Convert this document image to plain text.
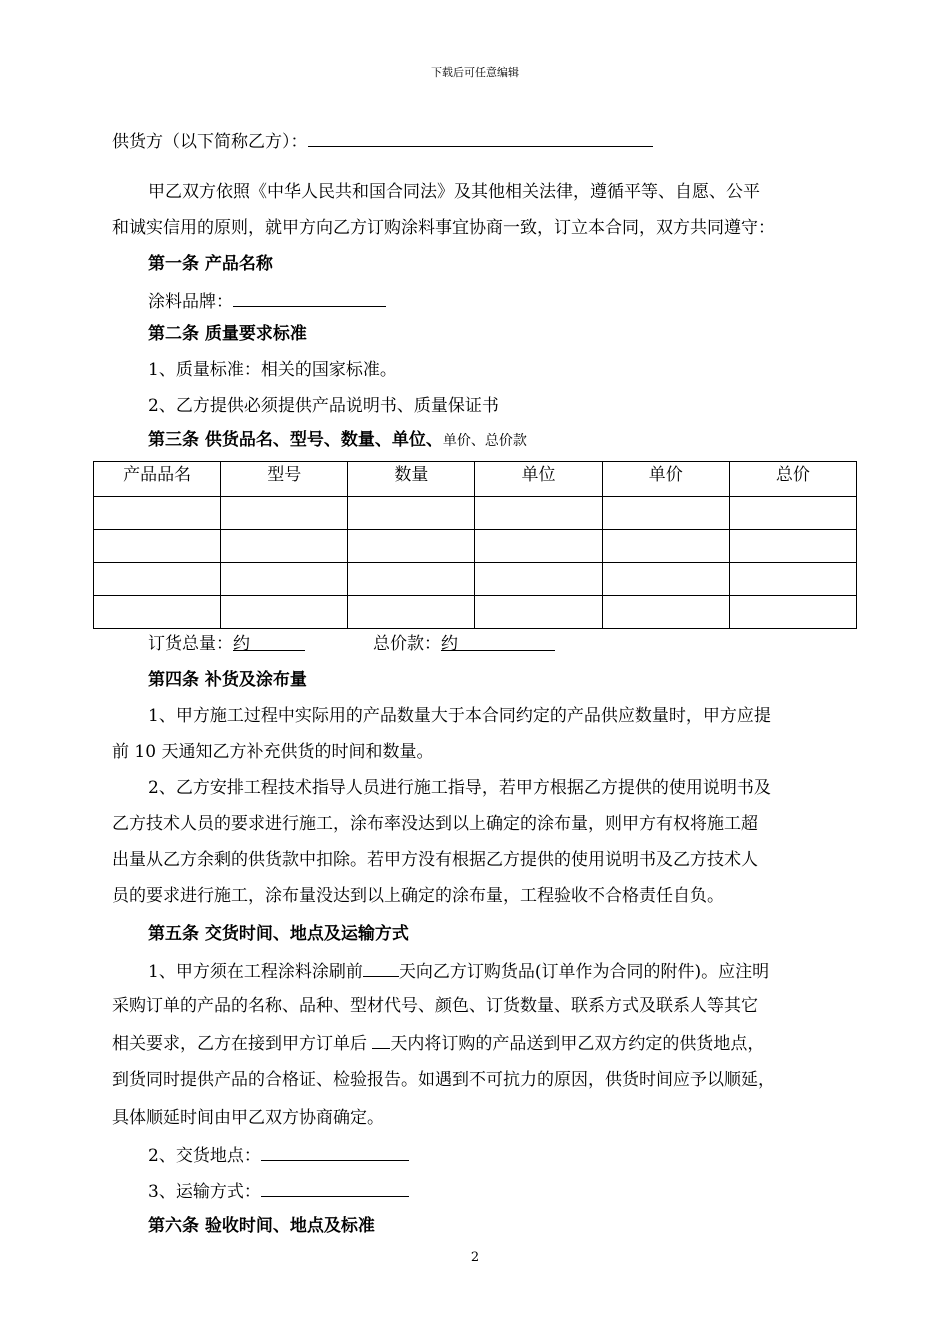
下载后可任意编辑
供货方（以下简称乙方）：
甲乙双方依照《中华人民共和国合同法》及其他相关法律，遵循平等、自愿、公平
和诚实信用的原则，就甲方向乙方订购涂料事宜协商一致，订立本合同，双方共同遵守：
第一条 产品名称
涂料品牌：
第二条 质量要求标准
1、质量标准：相关的国家标准。
2、乙方提供必须提供产品说明书、质量保证书
第三条 供货品名、型号、数量、单位、单价、总价款
产品品名	型号	数量	单位	单价	总价

订货总量：约	总价款：约
第四条 补货及涂布量
1、甲方施工过程中实际用的产品数量大于本合同约定的产品供应数量时，甲方应提
前 10 天通知乙方补充供货的时间和数量。
2、乙方安排工程技术指导人员进行施工指导，若甲方根据乙方提供的使用说明书及
乙方技术人员的要求进行施工，涂布率没达到以上确定的涂布量，则甲方有权将施工超
出量从乙方余剩的供货款中扣除。若甲方没有根据乙方提供的使用说明书及乙方技术人
员的要求进行施工，涂布量没达到以上确定的涂布量，工程验收不合格责任自负。
第五条 交货时间、地点及运输方式
1、甲方须在工程涂料涂刷前 天向乙方订购货品(订单作为合同的附件)。应注明
采购订单的产品的名称、品种、型材代号、颜色、订货数量、联系方式及联系人等其它
相关要求，乙方在接到甲方订单后 天内将订购的产品送到甲乙双方约定的供货地点，
到货同时提供产品的合格证、检验报告。如遇到不可抗力的原因，供货时间应予以顺延，
具体顺延时间由甲乙双方协商确定。
2、交货地点：
3、运输方式：
第六条 验收时间、地点及标准
2
